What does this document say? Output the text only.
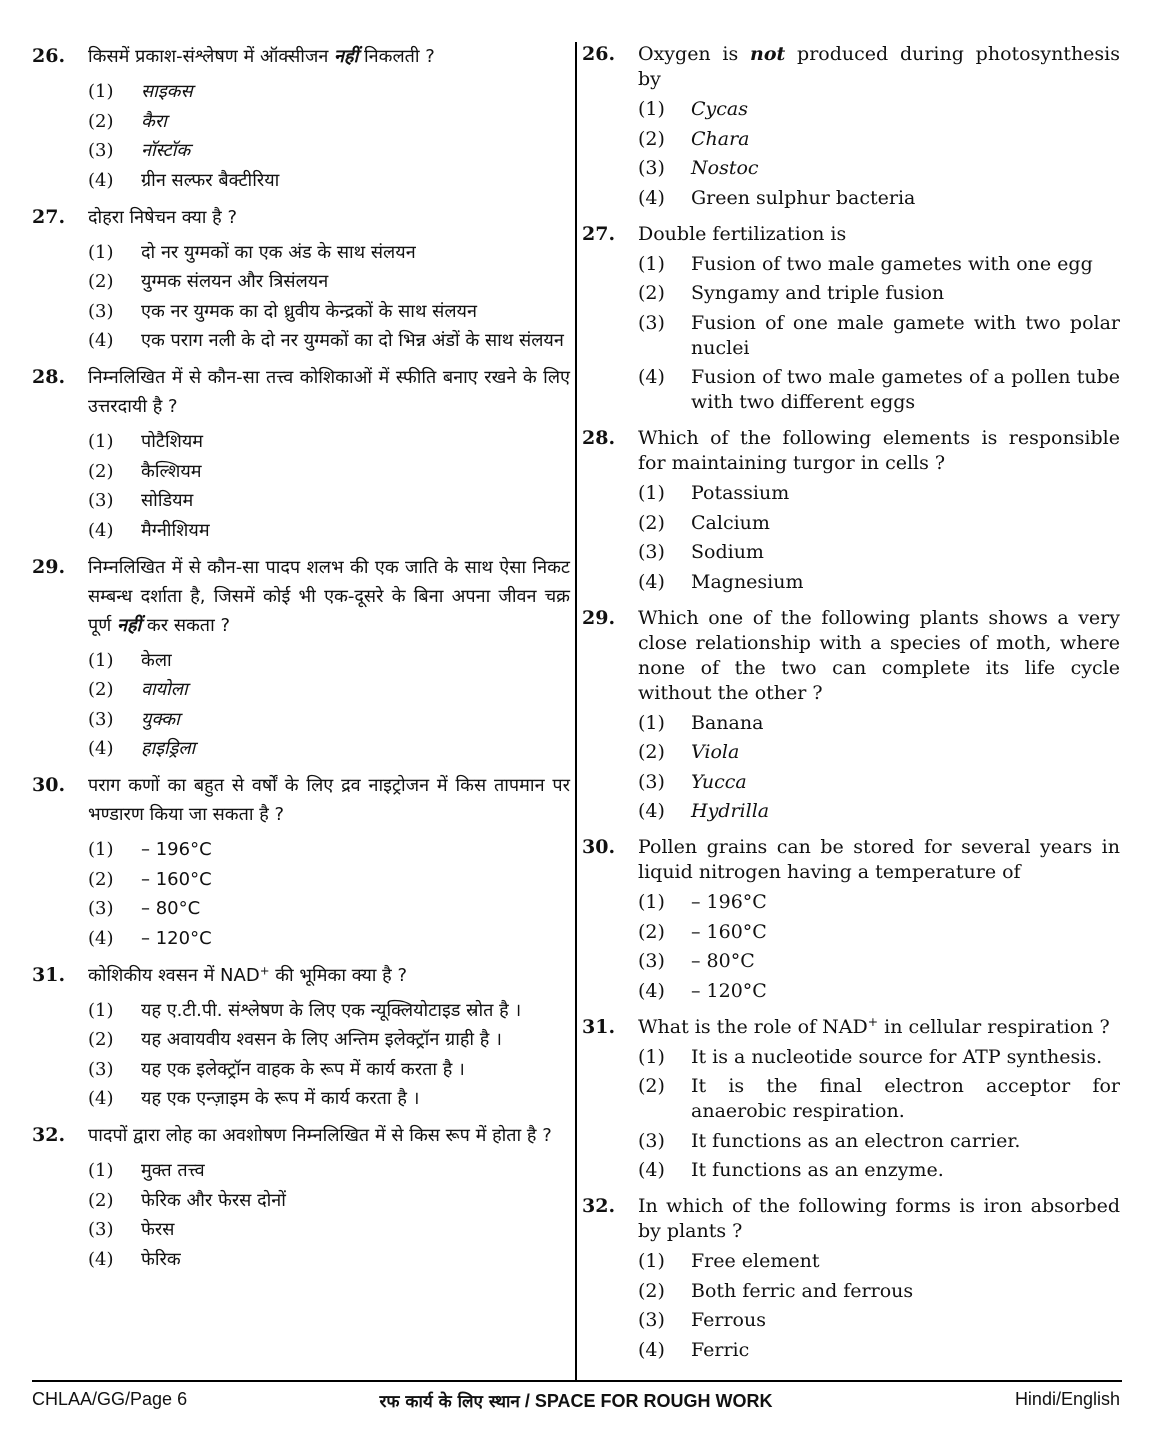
26.	किसमें प्रकाश-संश्लेषण में ऑक्सीजन नहीं निकलती ?
(1)	साइकस
(2)	कैरा
(3)	नॉस्टॉक
(4)	ग्रीन सल्फर बैक्टीरिया
27.	दोहरा निषेचन क्या है ?
(1)	दो नर युग्मकों का एक अंड के साथ संलयन
(2)	युग्मक संलयन और त्रिसंलयन
(3)	एक नर युग्मक का दो ध्रुवीय केन्द्रकों के साथ संलयन
(4)	एक पराग नली के दो नर युग्मकों का दो भिन्न अंडों के साथ संलयन
28.	निम्नलिखित में से कौन-सा तत्त्व कोशिकाओं में स्फीति बनाए रखने के लिए उत्तरदायी है ?
(1)	पोटैशियम
(2)	कैल्शियम
(3)	सोडियम
(4)	मैग्नीशियम
29.	निम्नलिखित में से कौन-सा पादप शलभ की एक जाति के साथ ऐसा निकट सम्बन्ध दर्शाता है, जिसमें कोई भी एक-दूसरे के बिना अपना जीवन चक्र पूर्ण नहीं कर सकता ?
(1)	केला
(2)	वायोला
(3)	युक्का
(4)	हाइड्रिला
30.	पराग कणों का बहुत से वर्षों के लिए द्रव नाइट्रोजन में किस तापमान पर भण्डारण किया जा सकता है ?
(1)	– 196°C
(2)	– 160°C
(3)	– 80°C
(4)	– 120°C
31.	कोशिकीय श्वसन में NAD+ की भूमिका क्या है ?
(1)	यह ए.टी.पी. संश्लेषण के लिए एक न्यूक्लियोटाइड स्रोत है ।
(2)	यह अवायवीय श्वसन के लिए अन्तिम इलेक्ट्रॉन ग्राही है ।
(3)	यह एक इलेक्ट्रॉन वाहक के रूप में कार्य करता है ।
(4)	यह एक एन्ज़ाइम के रूप में कार्य करता है ।
32.	पादपों द्वारा लोह का अवशोषण निम्नलिखित में से किस रूप में होता है ?
(1)	मुक्त तत्त्व
(2)	फेरिक और फेरस दोनों
(3)	फेरस
(4)	फेरिक
26.	Oxygen is not produced during photosynthesis by
(1)	Cycas
(2)	Chara
(3)	Nostoc
(4)	Green sulphur bacteria
27.	Double fertilization is
(1)	Fusion of two male gametes with one egg
(2)	Syngamy and triple fusion
(3)	Fusion of one male gamete with two polar nuclei
(4)	Fusion of two male gametes of a pollen tube with two different eggs
28.	Which of the following elements is responsible for maintaining turgor in cells ?
(1)	Potassium
(2)	Calcium
(3)	Sodium
(4)	Magnesium
29.	Which one of the following plants shows a very close relationship with a species of moth, where none of the two can complete its life cycle without the other ?
(1)	Banana
(2)	Viola
(3)	Yucca
(4)	Hydrilla
30.	Pollen grains can be stored for several years in liquid nitrogen having a temperature of
(1)	– 196°C
(2)	– 160°C
(3)	– 80°C
(4)	– 120°C
31.	What is the role of NAD+ in cellular respiration ?
(1)	It is a nucleotide source for ATP synthesis.
(2)	It is the final electron acceptor for anaerobic respiration.
(3)	It functions as an electron carrier.
(4)	It functions as an enzyme.
32.	In which of the following forms is iron absorbed by plants ?
(1)	Free element
(2)	Both ferric and ferrous
(3)	Ferrous
(4)	Ferric
CHLAA/GG/Page 6	रफ कार्य के लिए स्थान / SPACE FOR ROUGH WORK	Hindi/English
